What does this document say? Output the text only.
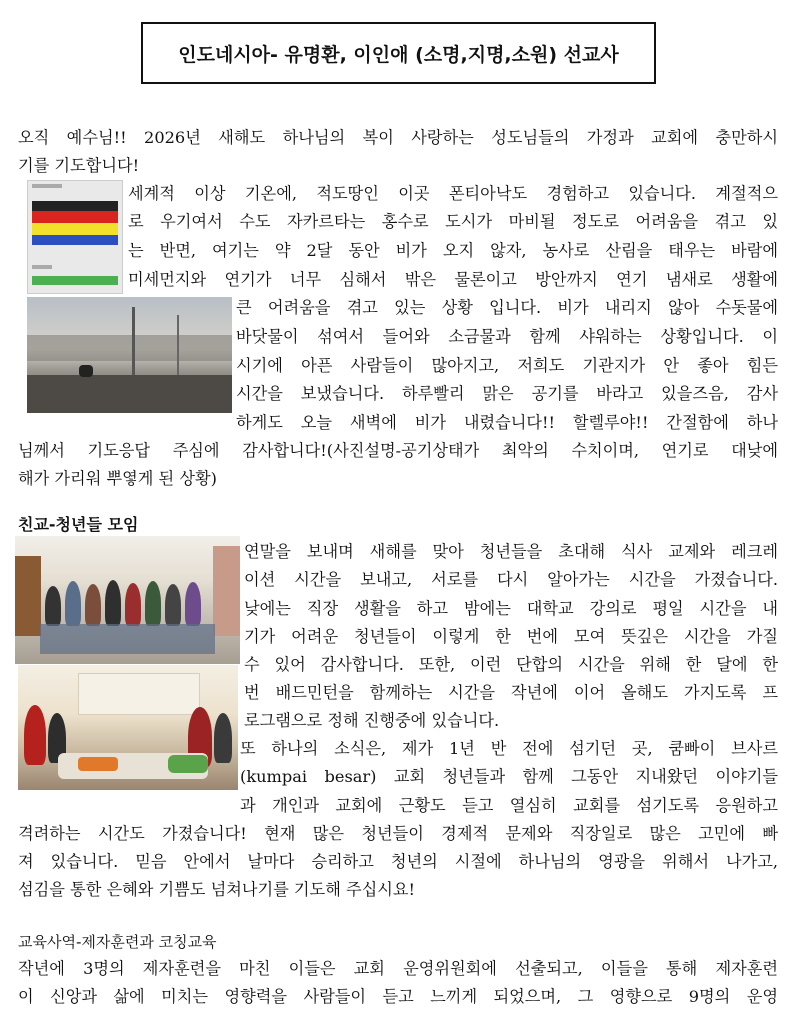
인도네시아- 유명환, 이인애 (소명,지명,소원) 선교사
오직 예수님!! 2026년 새해도 하나님의 복이 사랑하는 성도님들의 가정과 교회에 충만하시
기를 기도합니다!
세계적 이상 기온에, 적도땅인 이곳 폰티아낙도 경험하고 있습니다. 계절적으
로 우기여서 수도 자카르타는 홍수로 도시가 마비될 정도로 어려움을 겪고 있
는 반면, 여기는 약 2달 동안 비가 오지 않자, 농사로 산림을 태우는 바람에
미세먼지와 연기가 너무 심해서 밖은 물론이고 방안까지 연기 냄새로 생활에
큰 어려움을 겪고 있는 상황 입니다. 비가 내리지 않아 수돗물에
바닷물이 섞여서 들어와 소금물과 함께 샤워하는 상황입니다. 이
시기에 아픈 사람들이 많아지고, 저희도 기관지가 안 좋아 힘든
시간을 보냈습니다. 하루빨리 맑은 공기를 바라고 있을즈음, 감사
하게도 오늘 새벽에 비가 내렸습니다!! 할렐루야!! 간절함에 하나
님께서 기도응답 주심에 감사합니다!(사진설명-공기상태가 최악의 수치이며, 연기로 대낮에
해가 가리워 뿌옇게 된 상황)
친교-청년들 모임
연말을 보내며 새해를 맞아 청년들을 초대해 식사 교제와 레크레
이션 시간을 보내고, 서로를 다시 알아가는 시간을 가졌습니다.
낮에는 직장 생활을 하고 밤에는 대학교 강의로 평일 시간을 내
기가 어려운 청년들이 이렇게 한 번에 모여 뜻깊은 시간을 가질
수 있어 감사합니다. 또한, 이런 단합의 시간을 위해 한 달에 한
번 배드민턴을 함께하는 시간을 작년에 이어 올해도 가지도록 프
로그램으로 정해 진행중에 있습니다.
또 하나의 소식은, 제가 1년 반 전에 섬기던 곳, 쿰빠이 브사르
(kumpai besar) 교회 청년들과 함께 그동안 지내왔던 이야기들
과 개인과 교회에 근황도 듣고 열심히 교회를 섬기도록 응원하고
격려하는 시간도 가졌습니다! 현재 많은 청년들이 경제적 문제와 직장일로 많은 고민에 빠
져 있습니다. 믿음 안에서 날마다 승리하고 청년의 시절에 하나님의 영광을 위해서 나가고,
섬김을 통한 은혜와 기쁨도 넘쳐나기를 기도해 주십시요!
교육사역-제자훈련과 코칭교육
작년에 3명의 제자훈련을 마친 이들은 교회 운영위원회에 선출되고, 이들을 통해 제자훈련
이 신앙과 삶에 미치는 영향력을 사람들이 듣고 느끼게 되었으며, 그 영향으로 9명의 운영
